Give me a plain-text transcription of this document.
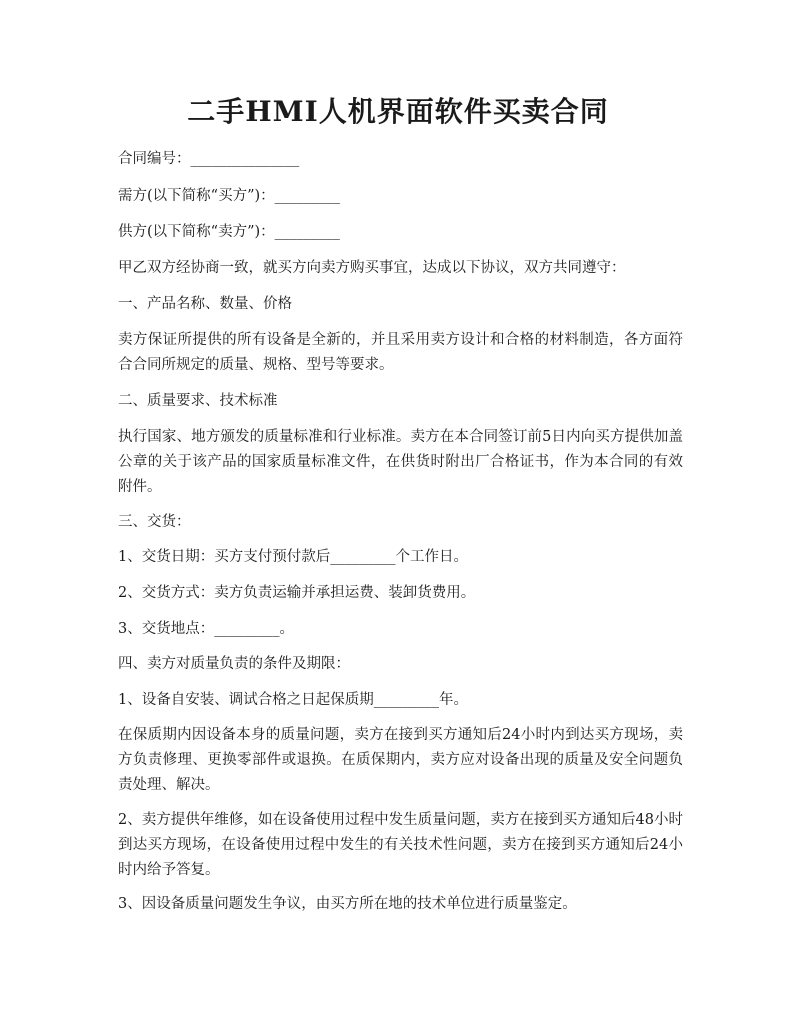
二手HMI人机界面软件买卖合同
合同编号：_______________
需方(以下简称“买方”)：_________
供方(以下简称“卖方”)：_________
甲乙双方经协商一致，就买方向卖方购买事宜，达成以下协议，双方共同遵守：
一、产品名称、数量、价格
卖方保证所提供的所有设备是全新的，并且采用卖方设计和合格的材料制造，各方面符合合同所规定的质量、规格、型号等要求。
二、质量要求、技术标准
执行国家、地方颁发的质量标准和行业标准。卖方在本合同签订前5日内向买方提供加盖公章的关于该产品的国家质量标准文件，在供货时附出厂合格证书，作为本合同的有效附件。
三、交货：
1、交货日期：买方支付预付款后_________个工作日。
2、交货方式：卖方负责运输并承担运费、装卸货费用。
3、交货地点：_________。
四、卖方对质量负责的条件及期限：
1、设备自安装、调试合格之日起保质期_________年。
在保质期内因设备本身的质量问题，卖方在接到买方通知后24小时内到达买方现场，卖方负责修理、更换零部件或退换。在质保期内，卖方应对设备出现的质量及安全问题负责处理、解决。
2、卖方提供年维修，如在设备使用过程中发生质量问题，卖方在接到买方通知后48小时到达买方现场，在设备使用过程中发生的有关技术性问题，卖方在接到买方通知后24小时内给予答复。
3、因设备质量问题发生争议，由买方所在地的技术单位进行质量鉴定。
